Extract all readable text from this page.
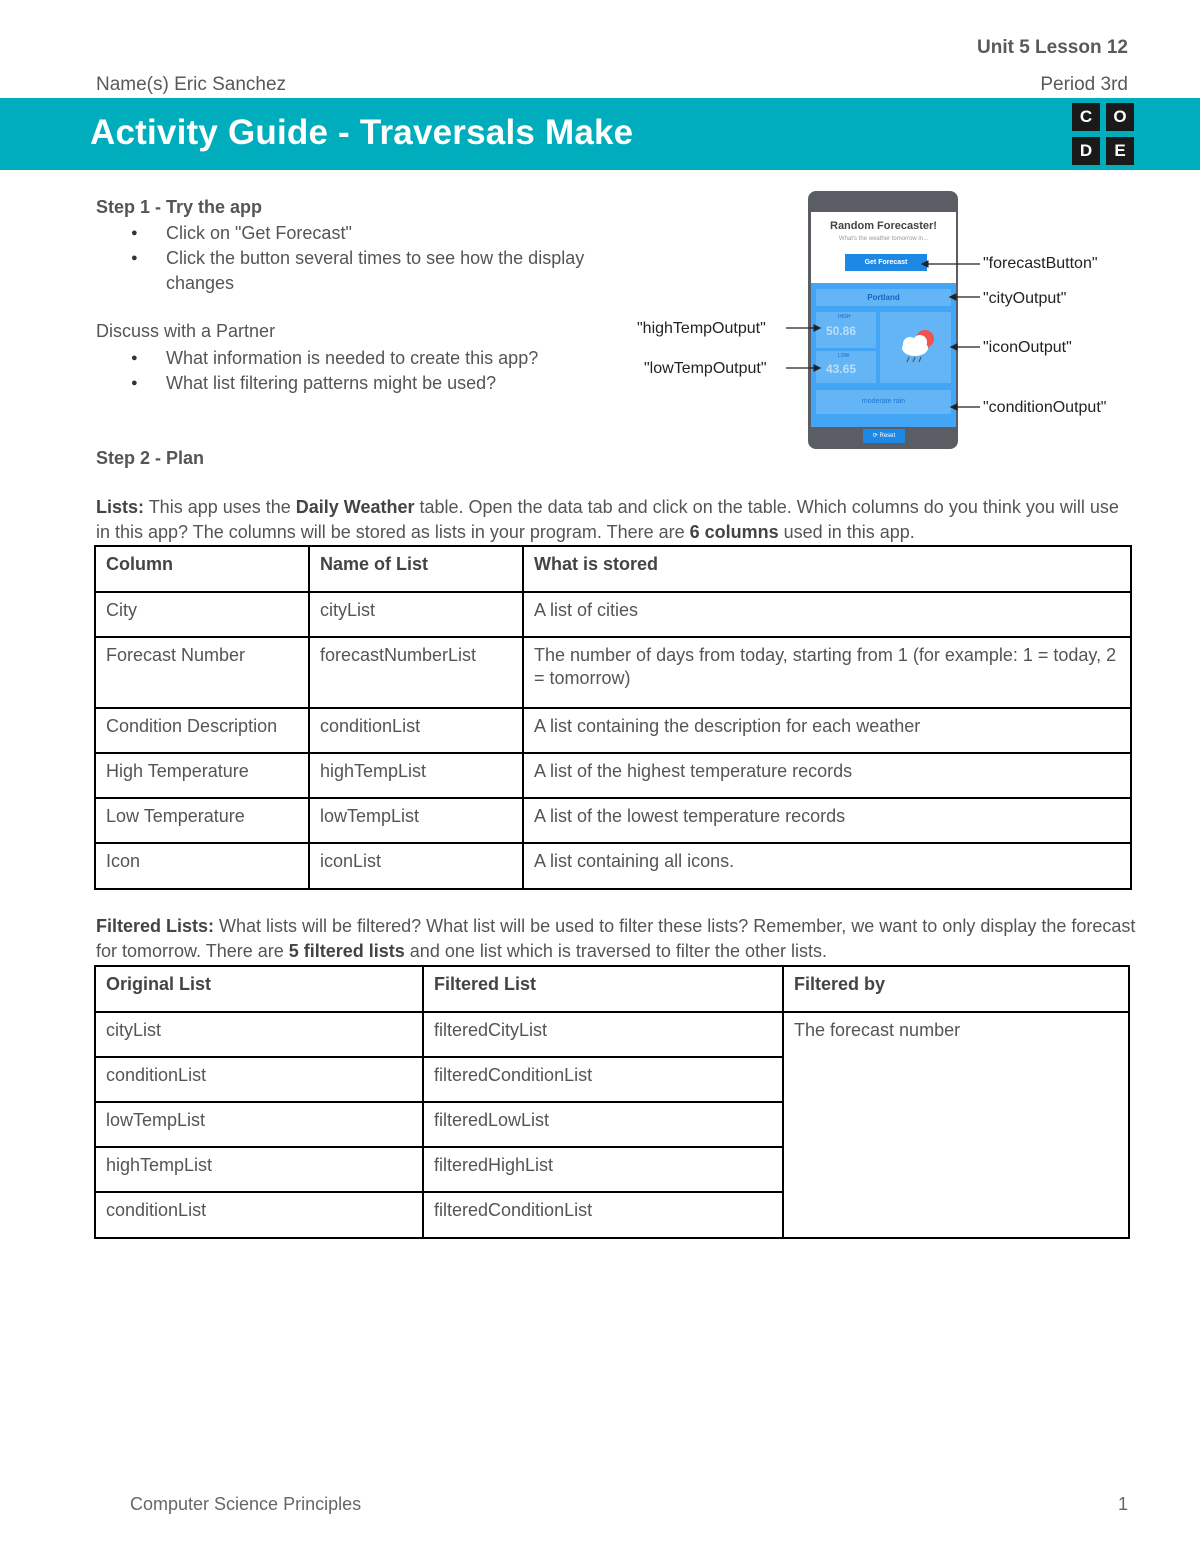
Unit 5 Lesson 12
Name(s) Eric Sanchez	Period 3rd
Activity Guide - Traversals Make	C	O
D	E
Step 1 - Try the app
● Click on "Get Forecast"
● Click the button several times to see how the display changes
Discuss with a Partner
● What information is needed to create this app?
● What list filtering patterns might be used?
Random Forecaster!
What's the weather tomorrow in...
Get Forecast
Portland
HIGH
50.86
LOW
43.65
moderate rain
⟳ Reset
"forecastButton"
"cityOutput"
"highTempOutput"
"iconOutput"
"lowTempOutput"
"conditionOutput"
Step 2 - Plan
Lists: This app uses the Daily Weather table. Open the data tab and click on the table. Which columns do you think you will use in this app? The columns will be stored as lists in your program. There are 6 columns used in this app.
Column	Name of List	What is stored
City	cityList	A list of cities
Forecast Number	forecastNumberList	The number of days from today, starting from 1 (for example: 1 = today, 2 = tomorrow)
Condition Description	conditionList	A list containing the description for each weather
High Temperature	highTempList	A list of the highest temperature records
Low Temperature	lowTempList	A list of the lowest temperature records
Icon	iconList	A list containing all icons.
Filtered Lists: What lists will be filtered? What list will be used to filter these lists? Remember, we want to only display the forecast for tomorrow. There are 5 filtered lists and one list which is traversed to filter the other lists.
Original List	Filtered List	Filtered by
cityList	filteredCityList	The forecast number
conditionList	filteredConditionList	
lowTempList	filteredLowList	
highTempList	filteredHighList	
conditionList	filteredConditionList	
Computer Science Principles	1
